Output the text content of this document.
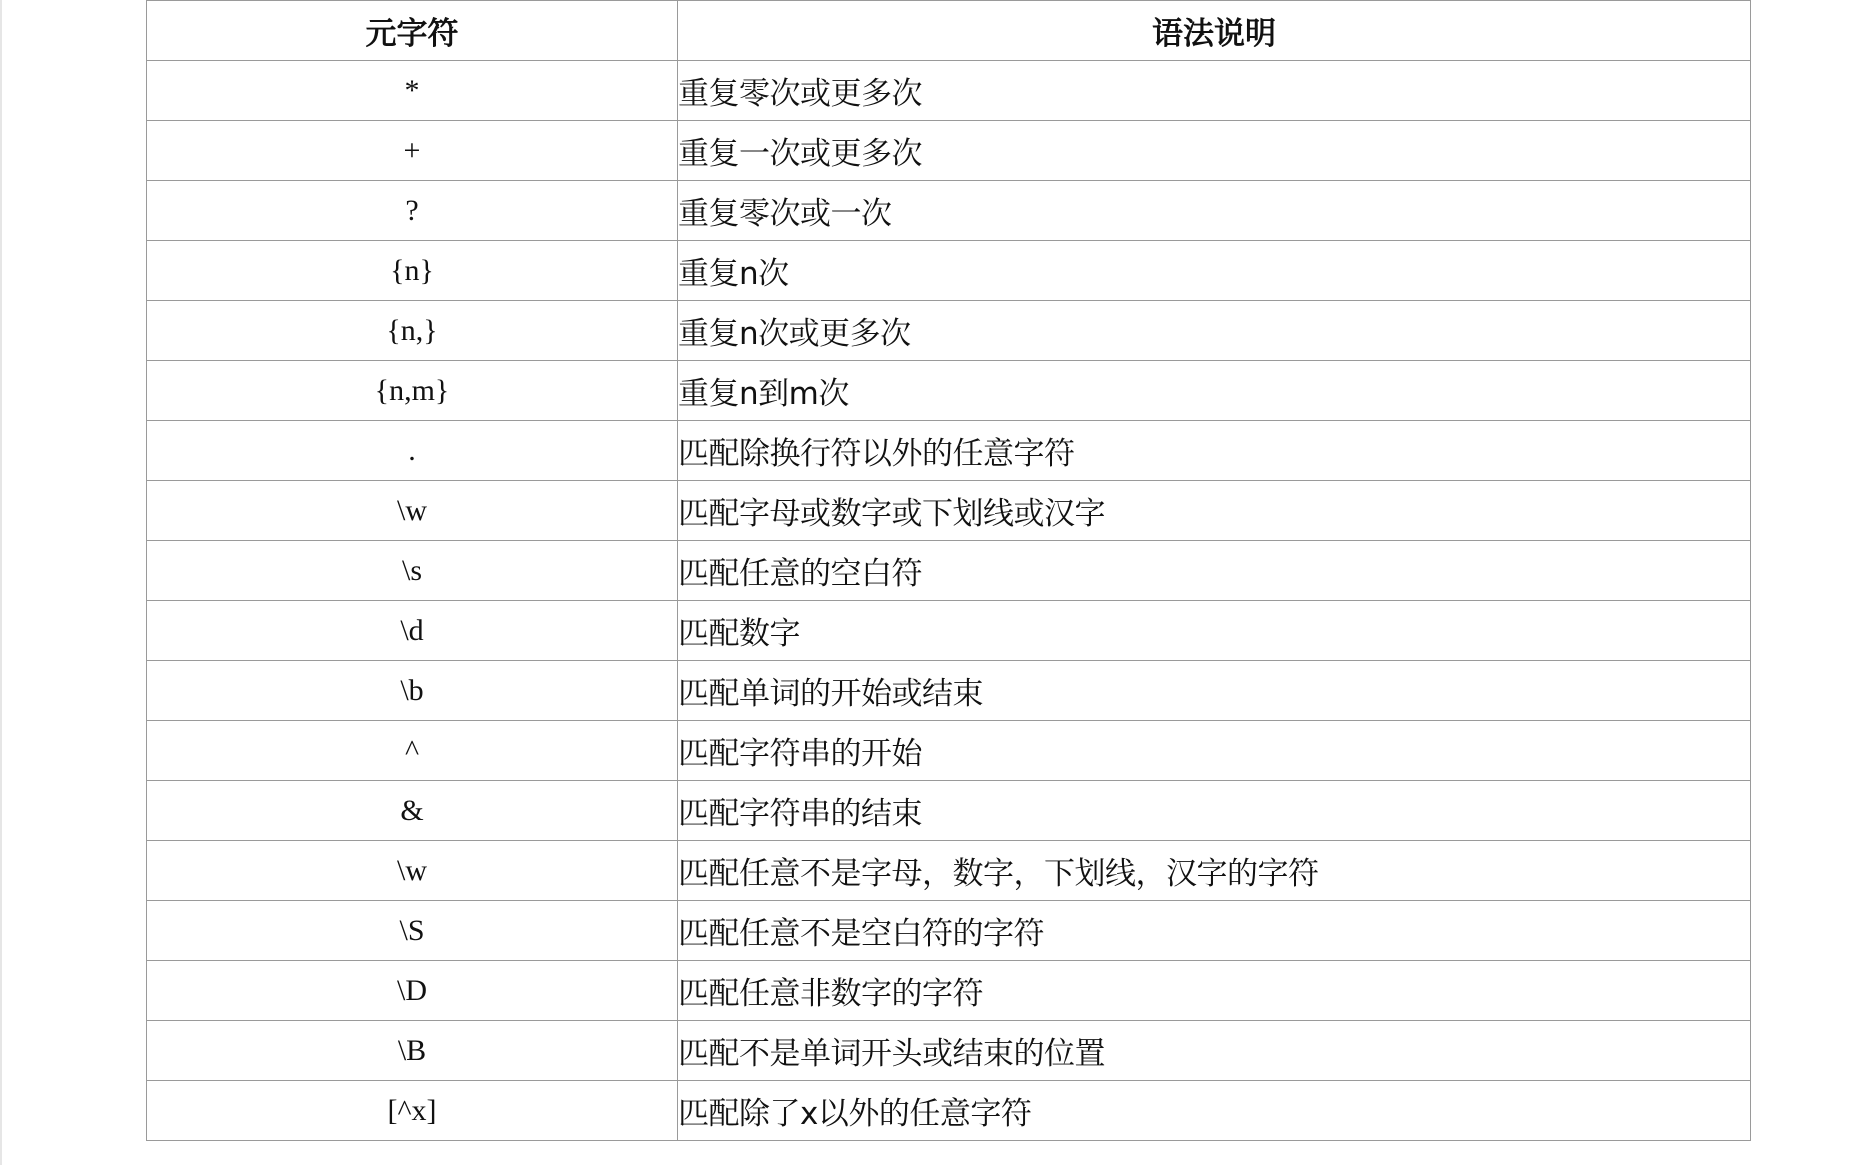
元字符	语法说明
*	重复零次或更多次
+	重复一次或更多次
?	重复零次或一次
{n}	重复n次
{n,}	重复n次或更多次
{n,m}	重复n到m次
.	匹配除换行符以外的任意字符
\w	匹配字母或数字或下划线或汉字
\s	匹配任意的空白符
\d	匹配数字
\b	匹配单词的开始或结束
^	匹配字符串的开始
&	匹配字符串的结束
\w	匹配任意不是字母，数字，下划线，汉字的字符
\S	匹配任意不是空白符的字符
\D	匹配任意非数字的字符
\B	匹配不是单词开头或结束的位置
[^x]	匹配除了x以外的任意字符
